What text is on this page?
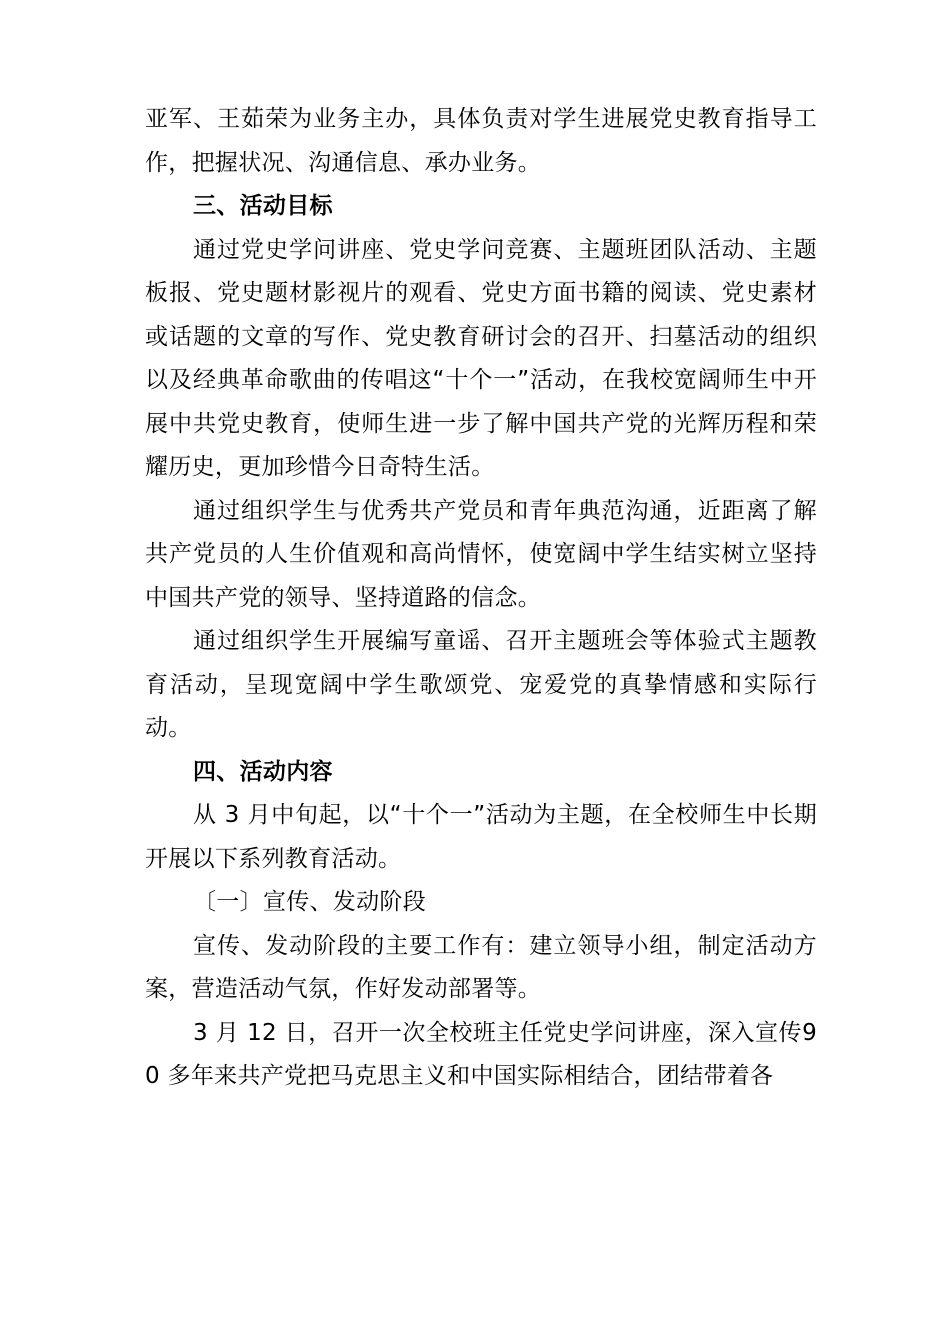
亚军、王茹荣为业务主办，具体负责对学生进展党史教育指导工作，把握状况、沟通信息、承办业务。

三、活动目标

通过党史学问讲座、党史学问竞赛、主题班团队活动、主题板报、党史题材影视片的观看、党史方面书籍的阅读、党史素材或话题的文章的写作、党史教育研讨会的召开、扫墓活动的组织以及经典革命歌曲的传唱这“十个一”活动，在我校宽阔师生中开展中共党史教育，使师生进一步了解中国共产党的光辉历程和荣耀历史，更加珍惜今日奇特生活。

通过组织学生与优秀共产党员和青年典范沟通，近距离了解共产党员的人生价值观和高尚情怀，使宽阔中学生结实树立坚持中国共产党的领导、坚持道路的信念。

通过组织学生开展编写童谣、召开主题班会等体验式主题教育活动，呈现宽阔中学生歌颂党、宠爱党的真挚情感和实际行动。

四、活动内容

从 3 月中旬起，以“十个一”活动为主题，在全校师生中长期开展以下系列教育活动。

〔一〕宣传、发动阶段

宣传、发动阶段的主要工作有：建立领导小组，制定活动方案，营造活动气氛，作好发动部署等。

3 月 12 日，召开一次全校班主任党史学问讲座，深入宣传90 多年来共产党把马克思主义和中国实际相结合，团结带着各
